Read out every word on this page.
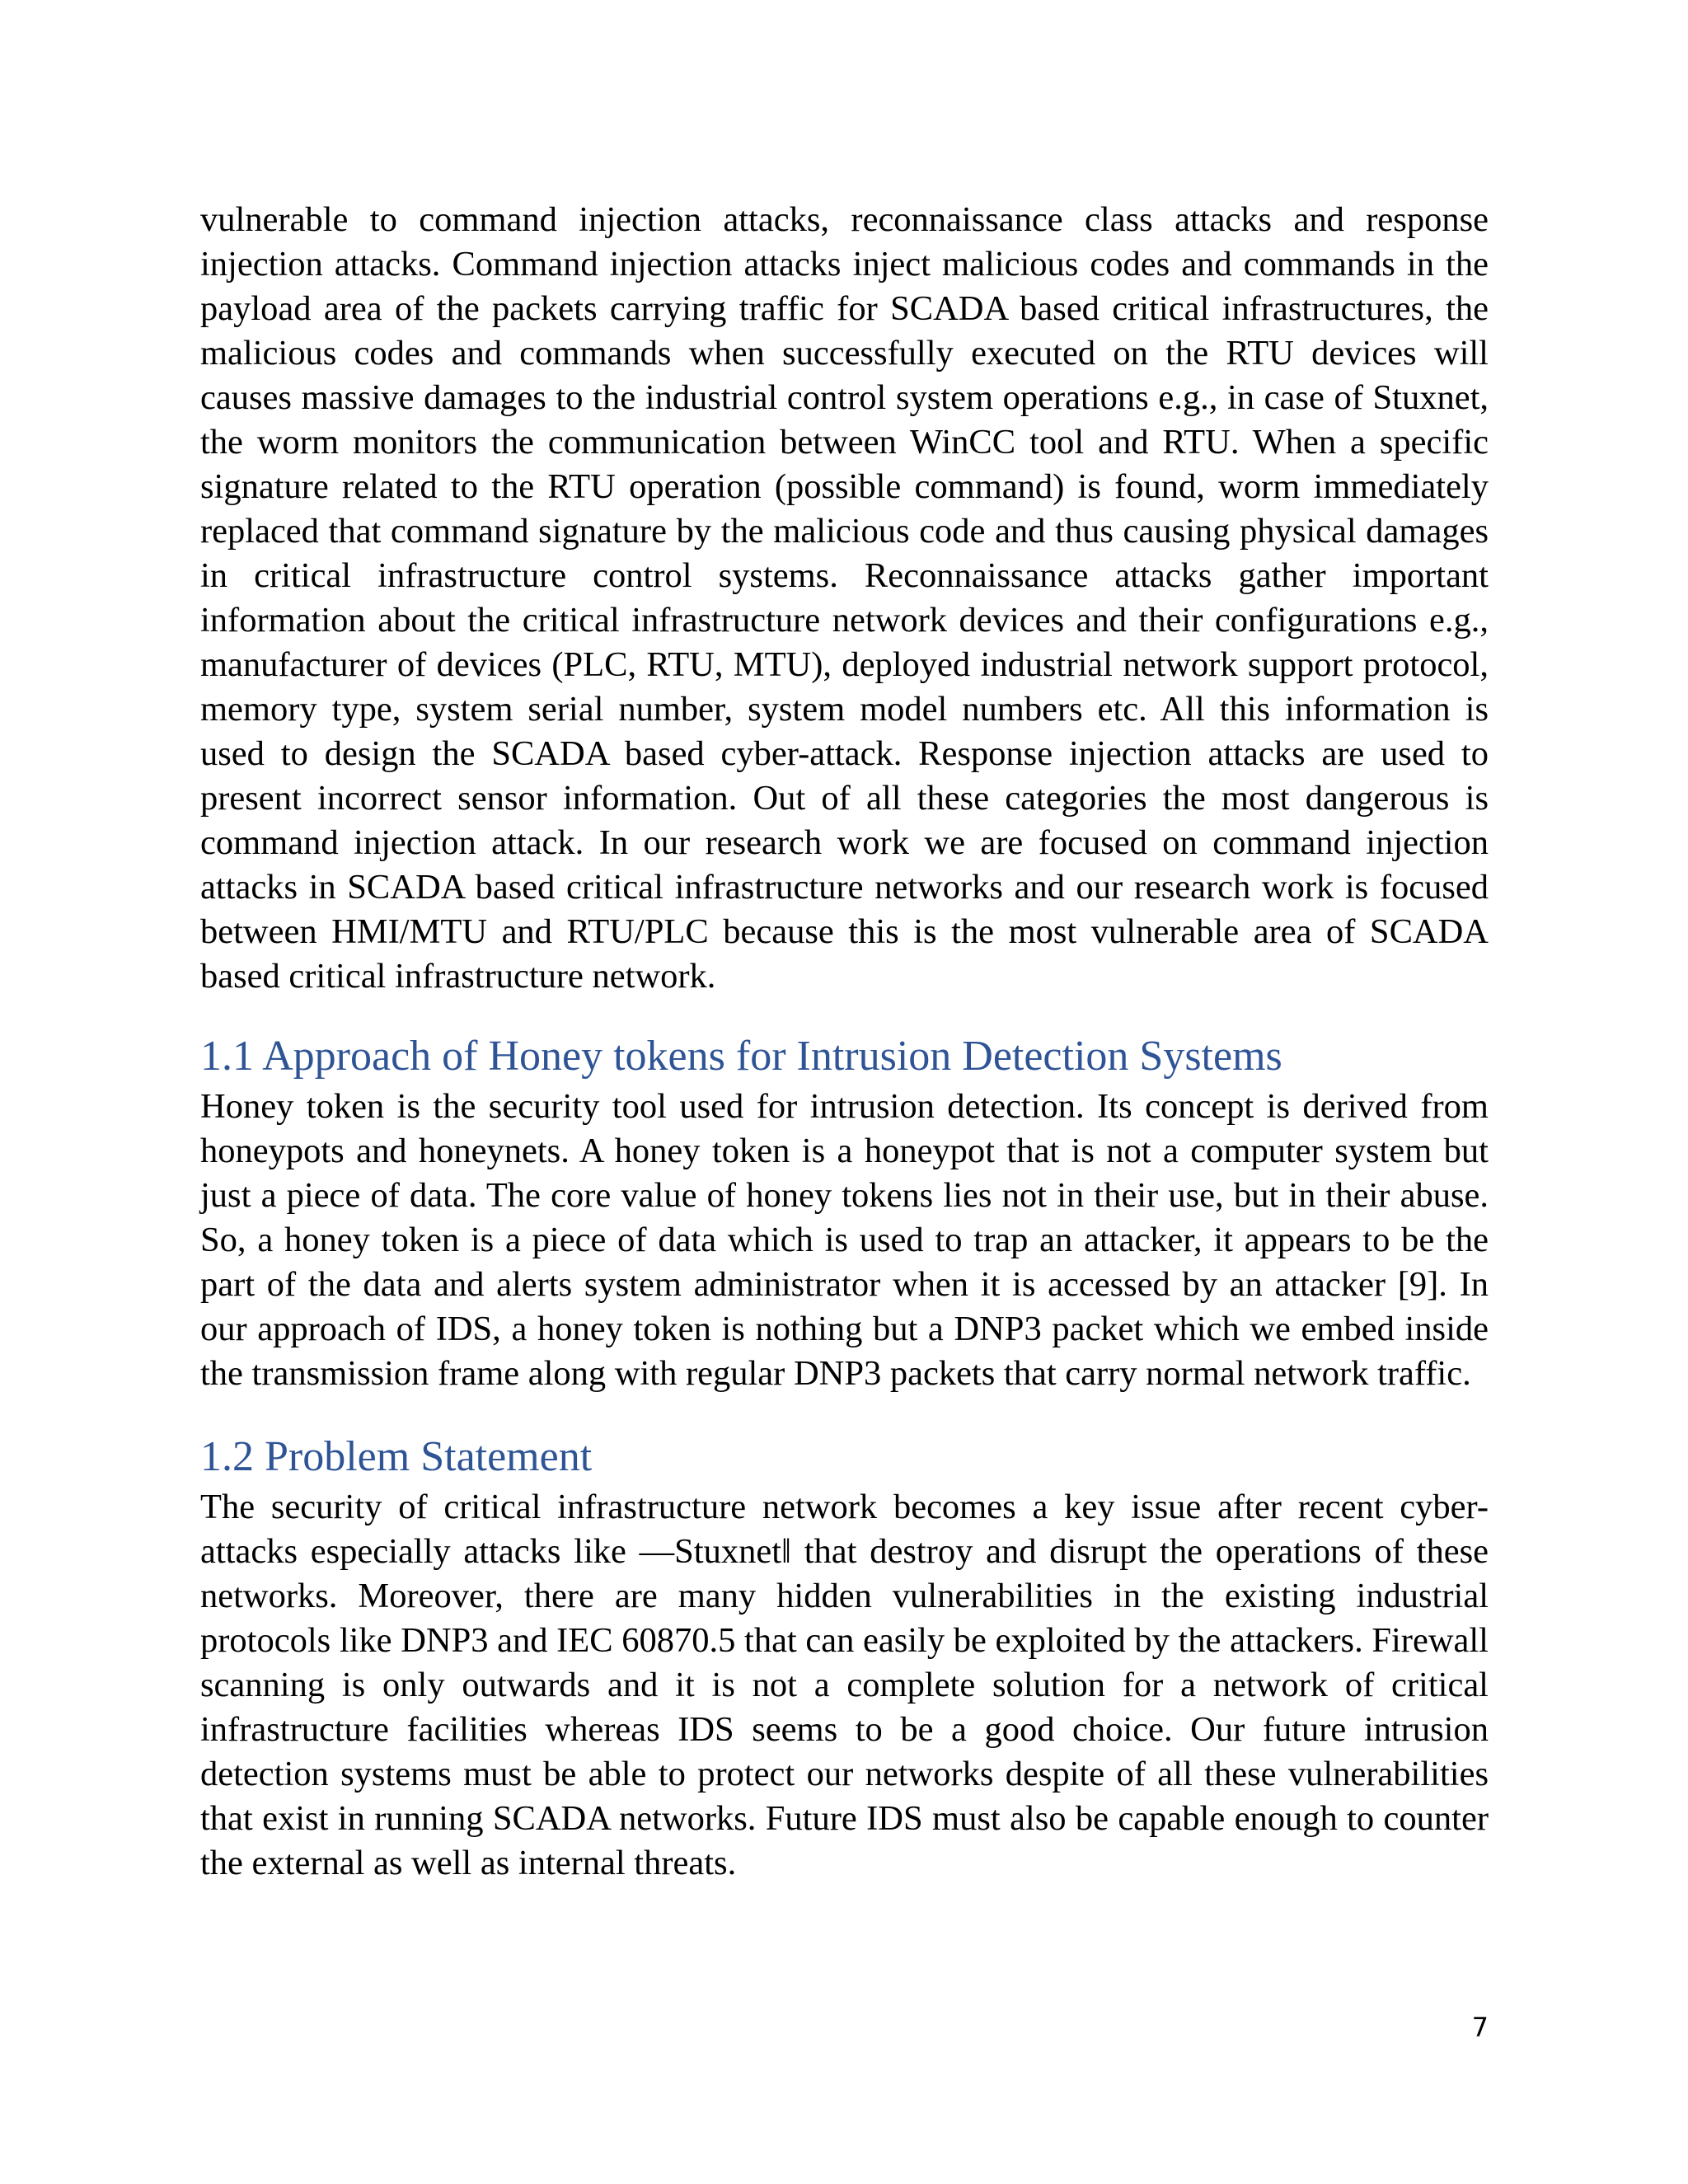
vulnerable to command injection attacks, reconnaissance class attacks and response injection attacks. Command injection attacks inject malicious codes and commands in the payload area of the packets carrying traffic for SCADA based critical infrastructures, the malicious codes and commands when successfully executed on the RTU devices will causes massive damages to the industrial control system operations e.g., in case of Stuxnet, the worm monitors the communication between WinCC tool and RTU. When a specific signature related to the RTU operation (possible command) is found, worm immediately replaced that command signature by the malicious code and thus causing physical damages in critical infrastructure control systems. Reconnaissance attacks gather important information about the critical infrastructure network devices and their configurations e.g., manufacturer of devices (PLC, RTU, MTU), deployed industrial network support protocol, memory type, system serial number, system model numbers etc. All this information is used to design the SCADA based cyber-attack. Response injection attacks are used to present incorrect sensor information. Out of all these categories the most dangerous is command injection attack. In our research work we are focused on command injection attacks in SCADA based critical infrastructure networks and our research work is focused between HMI/MTU and RTU/PLC because this is the most vulnerable area of SCADA based critical infrastructure network.

1.1 Approach of Honey tokens for Intrusion Detection Systems

Honey token is the security tool used for intrusion detection. Its concept is derived from honeypots and honeynets. A honey token is a honeypot that is not a computer system but just a piece of data. The core value of honey tokens lies not in their use, but in their abuse. So, a honey token is a piece of data which is used to trap an attacker, it appears to be the part of the data and alerts system administrator when it is accessed by an attacker [9]. In our approach of IDS, a honey token is nothing but a DNP3 packet which we embed inside the transmission frame along with regular DNP3 packets that carry normal network traffic.

1.2 Problem Statement

The security of critical infrastructure network becomes a key issue after recent cyber-attacks especially attacks like ―Stuxnet‖ that destroy and disrupt the operations of these networks. Moreover, there are many hidden vulnerabilities in the existing industrial protocols like DNP3 and IEC 60870.5 that can easily be exploited by the attackers. Firewall scanning is only outwards and it is not a complete solution for a network of critical infrastructure facilities whereas IDS seems to be a good choice. Our future intrusion detection systems must be able to protect our networks despite of all these vulnerabilities that exist in running SCADA networks. Future IDS must also be capable enough to counter the external as well as internal threats.

7
